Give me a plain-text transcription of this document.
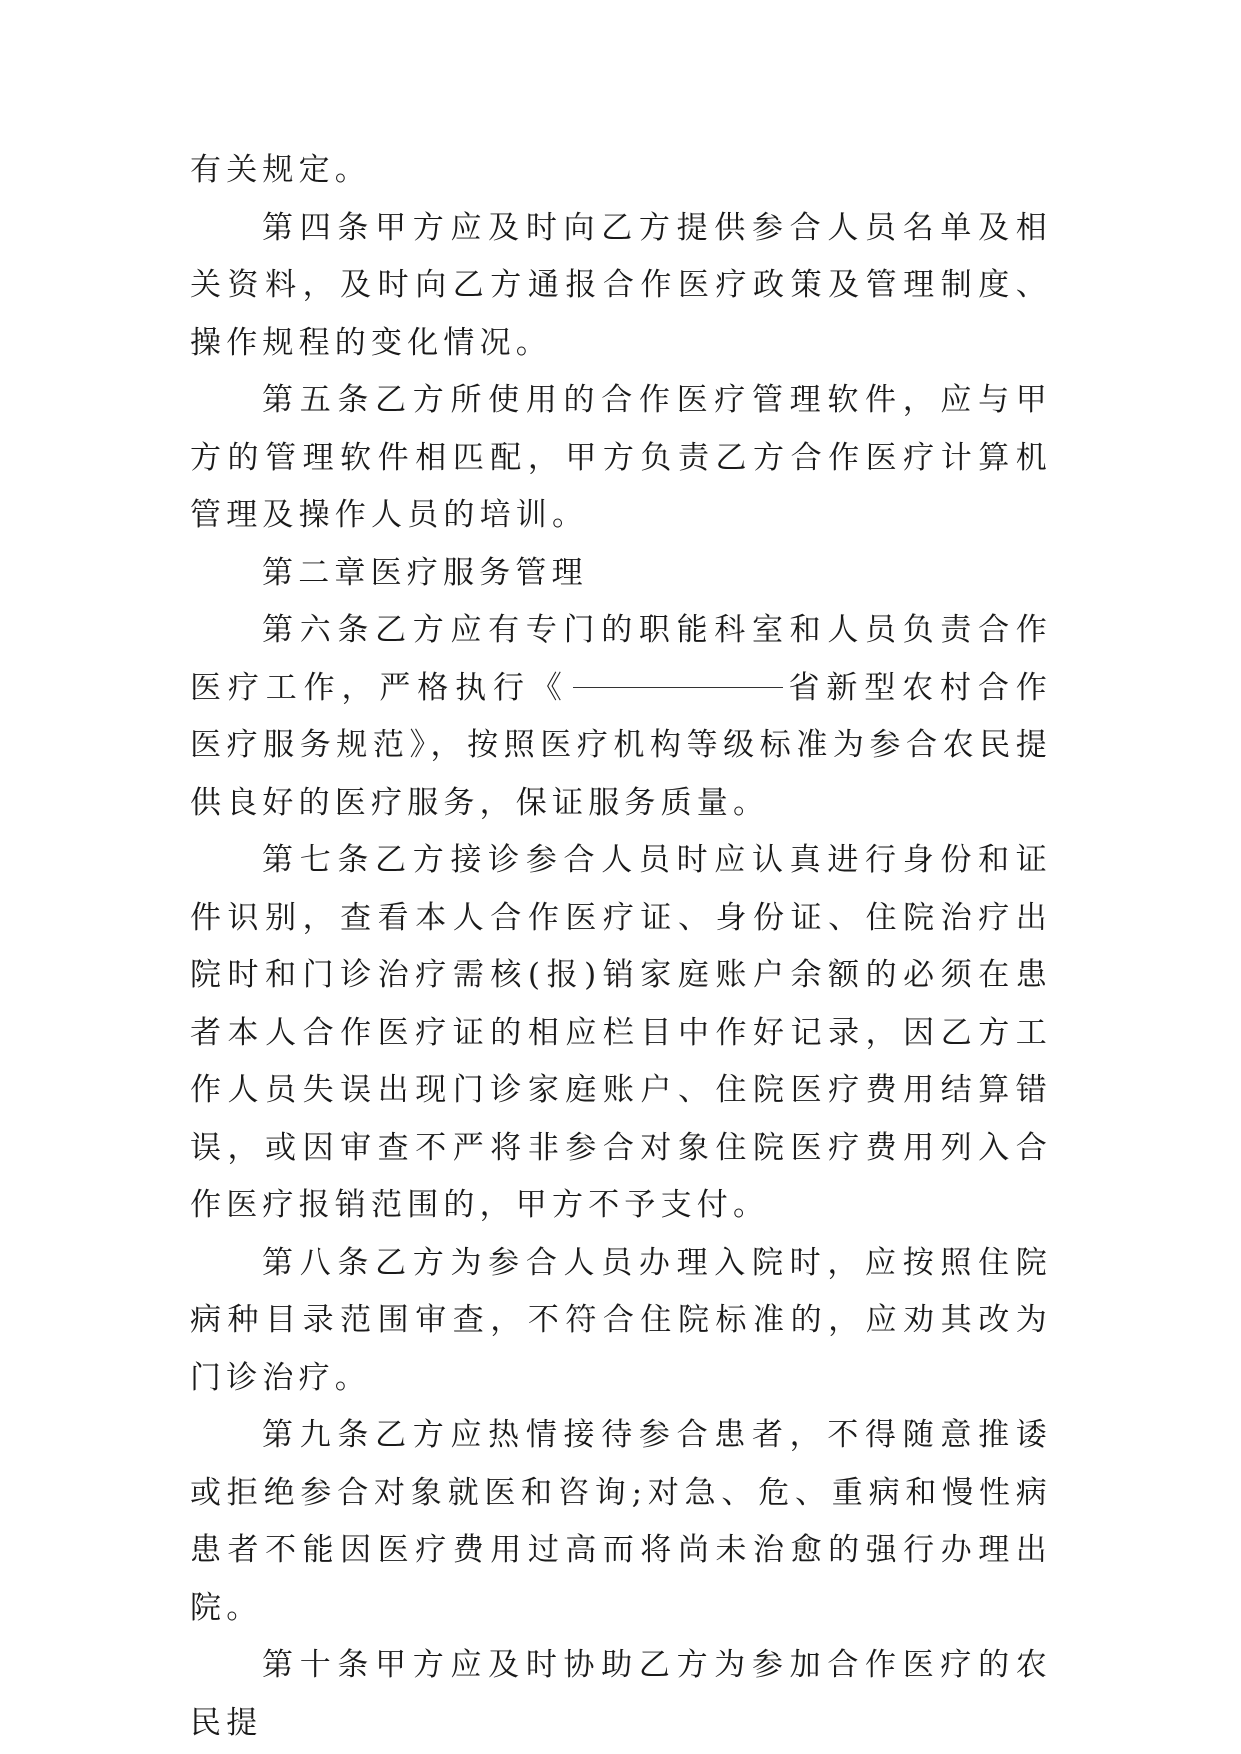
有关规定。

第四条甲方应及时向乙方提供参合人员名单及相关资料，及时向乙方通报合作医疗政策及管理制度、操作规程的变化情况。

第五条乙方所使用的合作医疗管理软件，应与甲方的管理软件相匹配，甲方负责乙方合作医疗计算机管理及操作人员的培训。

第二章医疗服务管理

第六条乙方应有专门的职能科室和人员负责合作医疗工作，严格执行《	省新型农村合作医疗服务规范》，按照医疗机构等级标准为参合农民提供良好的医疗服务，保证服务质量。

第七条乙方接诊参合人员时应认真进行身份和证件识别，查看本人合作医疗证、身份证、住院治疗出院时和门诊治疗需核(报)销家庭账户余额的必须在患者本人合作医疗证的相应栏目中作好记录，因乙方工作人员失误出现门诊家庭账户、住院医疗费用结算错误，或因审查不严将非参合对象住院医疗费用列入合作医疗报销范围的，甲方不予支付。

第八条乙方为参合人员办理入院时，应按照住院病种目录范围审查，不符合住院标准的，应劝其改为门诊治疗。

第九条乙方应热情接待参合患者，不得随意推诿或拒绝参合对象就医和咨询;对急、危、重病和慢性病患者不能因医疗费用过高而将尚未治愈的强行办理出院。

第十条甲方应及时协助乙方为参加合作医疗的农民提
